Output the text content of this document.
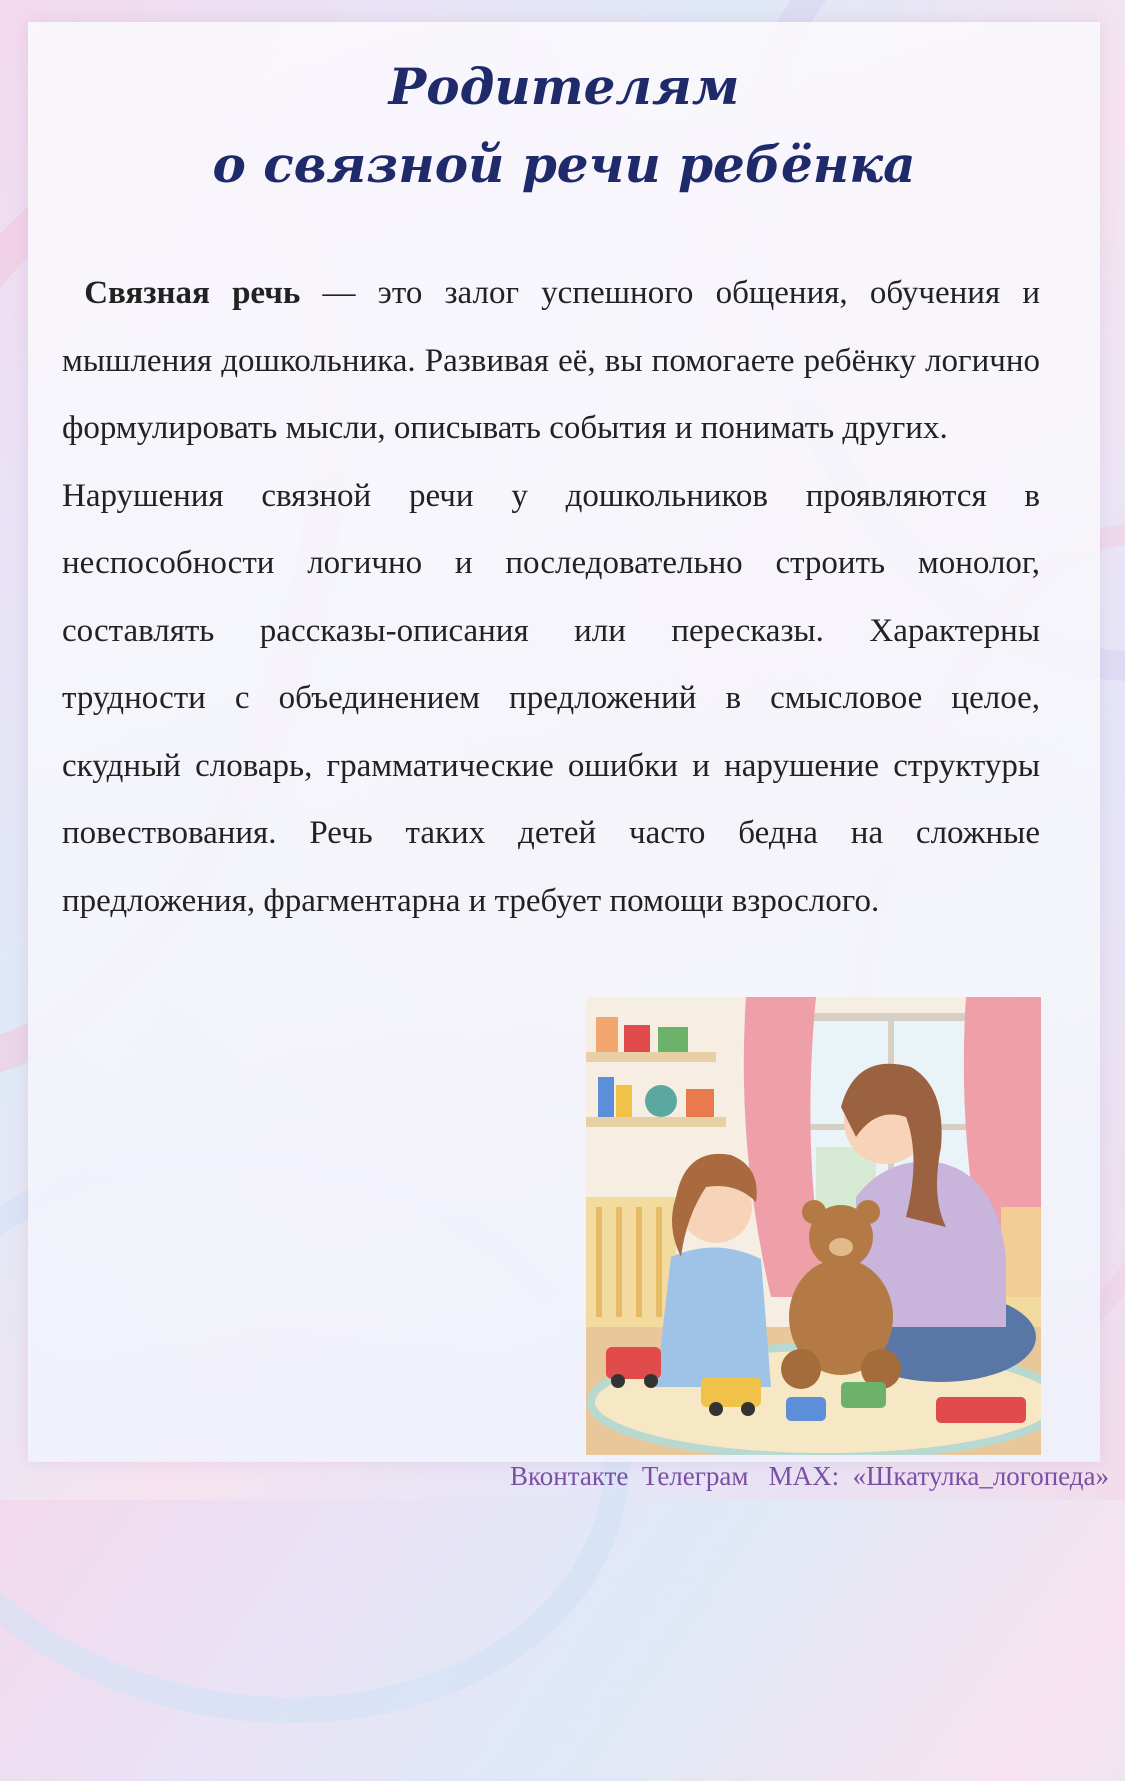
Родителям
о связной речи ребёнка

Связная речь — это залог успешного общения, обучения и мышления дошкольника. Развивая её, вы помогаете ребёнку логично формулировать мысли, описывать события и понимать других.

Нарушения связной речи у дошкольников проявляются в неспособности логично и последовательно строить монолог, составлять рассказы-описания или пересказы. Характерны трудности с объединением предложений в смысловое целое, скудный словарь, грамматические ошибки и нарушение структуры повествования. Речь таких детей часто бедна на сложные предложения, фрагментарна и требует помощи взрослого.

Вконтакте  Телеграм   MAX:  «Шкатулка_логопеда»
